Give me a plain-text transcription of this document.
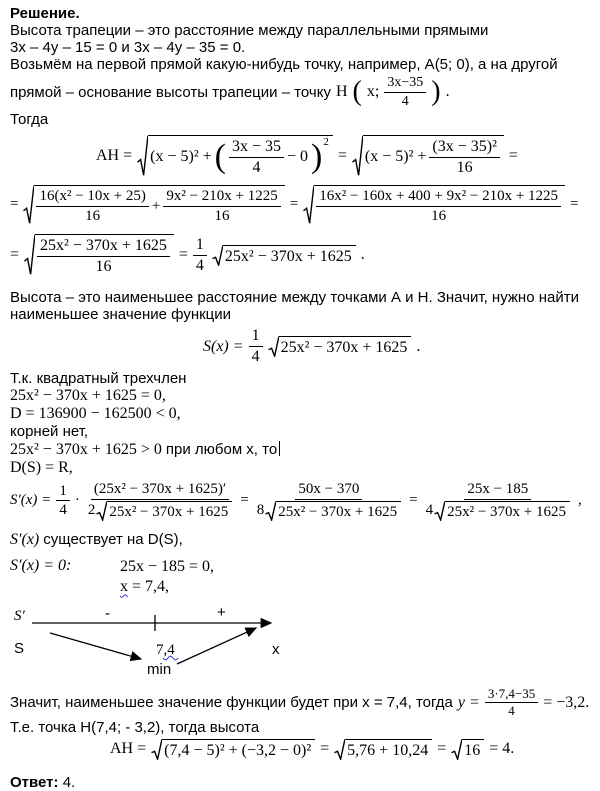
Решение.
Высота трапеции – это расстояние между параллельными прямыми
3x – 4y – 15 = 0 и 3x – 4y – 35 = 0.
Возьмём на первой прямой какую-нибудь точку, например, А(5; 0), а на другой
прямой – основание высоты трапеции – точку H ( x; $\frac{3x-35}{4}$ ) .
Тогда
AH = (x − 5)² + ( $\frac{3x - 35}{4} - 0$ ) 2
= $(x - 5)^2 + \frac{\text{(3x − 35)²}}{16}$ =
= $\frac{\text{16(x² − 10x + 25)}}{16} + \frac{\text{9x² − 210x + 1225}}{16} = \frac{\text{16x² − 160x + 400 + 9x² − 210x + 1225}}{16}$ =
= $\frac{\text{25x² − 370x + 1625}}{16} = \frac{1}{4} 25x^2 - 370x + 1625$ .
Высота – это наименьшее расстояние между точками А и Н. Значит, нужно найти
наименьшее значение функции
$S(x) = \frac{1}{4} 25x^2 - 370x + 1625$ .
Т.к. квадратный трехчлен
25x² − 370x + 1625 = 0,
D = 136900 − 162500 < 0,
корней нет,
25x² − 370x + 1625 > 0 при любом x, то
D(S) = R,
$S'(x) = \frac{1}{4} \cdot \frac{\text{(25x² − 370x + 1625)′}}{\text{2 25x² − 370x + 1625}} = \frac{50x - 370}{\text{8 25x² − 370x + 1625}} = \frac{25x - 185}{\text{4 25x² − 370x + 1625}}$ ,
S′(x) существует на D(S),
S′(x) = 0:	25x − 185 = 0,
x = 7,4,
S′	-	+
S	7,4	x
min
Значит, наименьшее значение функции будет при x = 7,4, тогда $y = \frac{3\cdot 7,4-35}{4} = -3,2$.
Т.е. точка Н(7,4; - 3,2), тогда высота
AH = (7,4 − 5)² + (−3,2 − 0)² = 5,76 + 10,24 = 16 = 4.
Ответ: 4.
